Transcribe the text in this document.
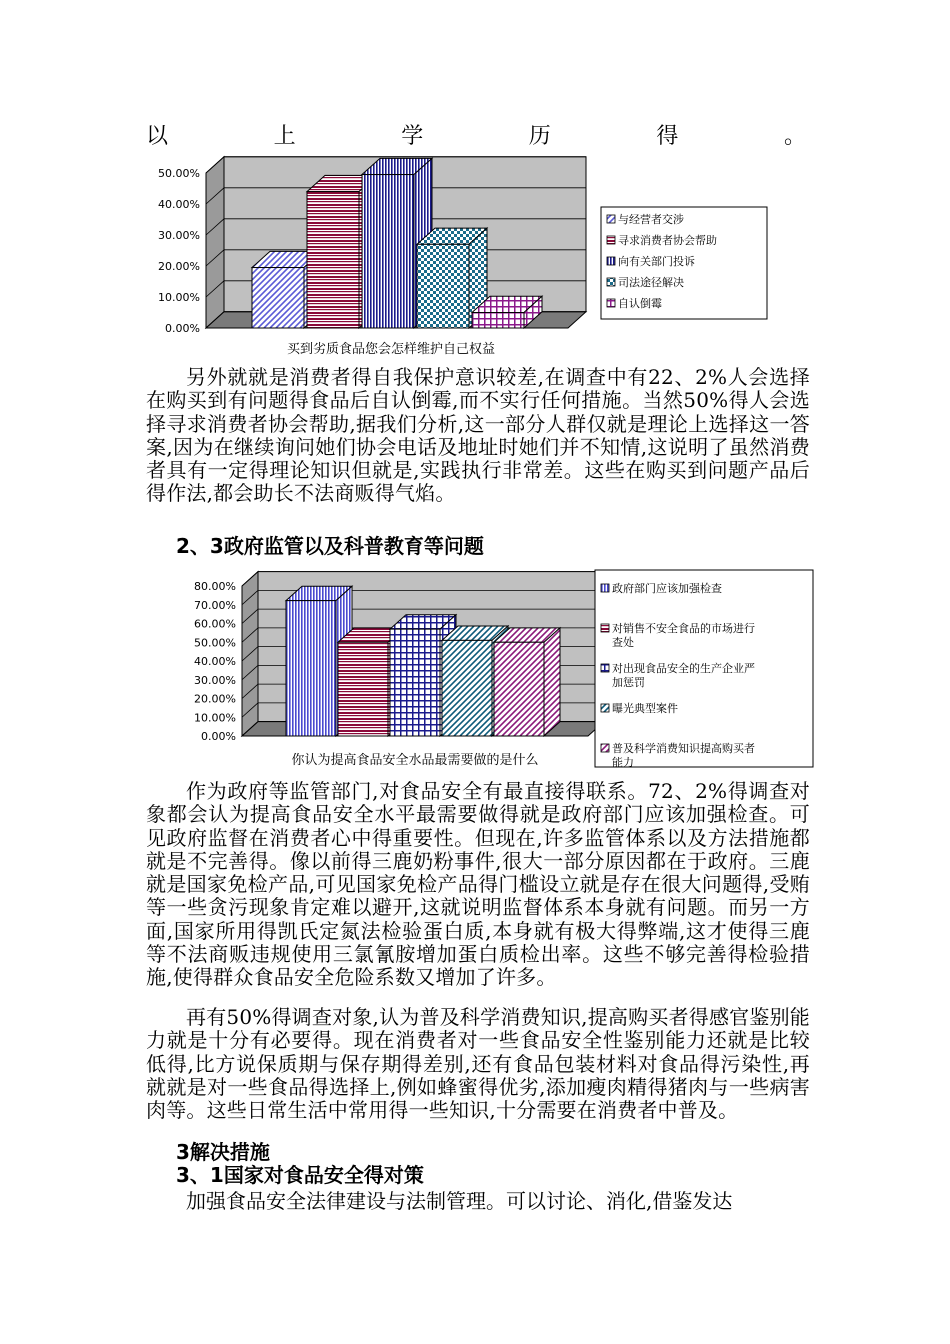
以	上	学	历	得	。
0.00%
10.00%
20.00%
30.00%
40.00%
50.00%
买到劣质食品您会怎样维护自己权益
与经营者交涉
寻求消费者协会帮助
向有关部门投诉
司法途径解决
自认倒霉

另外就就是消费者得自我保护意识较差,在调查中有22、2%人会选择在购买到有问题得食品后自认倒霉,而不实行任何措施。当然50%得人会选择寻求消费者协会帮助,据我们分析,这一部分人群仅就是理论上选择这一答案,因为在继续询问她们协会电话及地址时她们并不知情,这说明了虽然消费者具有一定得理论知识但就是,实践执行非常差。这些在购买到问题产品后得作法,都会助长不法商贩得气焰。

2、3政府监管以及科普教育等问题
0.00%
10.00%
20.00%
30.00%
40.00%
50.00%
60.00%
70.00%
80.00%
你认为提高食品安全水品最需要做的是什么
政府部门应该加强检查
对销售不安全食品的市场进行
查处
对出现食品安全的生产企业严
加惩罚
曝光典型案件
普及科学消费知识提高购买者
能力

作为政府等监管部门,对食品安全有最直接得联系。72、2%得调查对象都会认为提高食品安全水平最需要做得就是政府部门应该加强检查。可见政府监督在消费者心中得重要性。但现在,许多监管体系以及方法措施都就是不完善得。像以前得三鹿奶粉事件,很大一部分原因都在于政府。三鹿就是国家免检产品,可见国家免检产品得门槛设立就是存在很大问题得,受贿等一些贪污现象肯定难以避开,这就说明监督体系本身就有问题。而另一方面,国家所用得凯氏定氮法检验蛋白质,本身就有极大得弊端,这才使得三鹿等不法商贩违规使用三氯氰胺增加蛋白质检出率。这些不够完善得检验措施,使得群众食品安全危险系数又增加了许多。

再有50%得调查对象,认为普及科学消费知识,提高购买者得感官鉴别能力就是十分有必要得。现在消费者对一些食品安全性鉴别能力还就是比较低得,比方说保质期与保存期得差别,还有食品包装材料对食品得污染性,再就就是对一些食品得选择上,例如蜂蜜得优劣,添加瘦肉精得猪肉与一些病害肉等。这些日常生活中常用得一些知识,十分需要在消费者中普及。

3解决措施
3、1国家对食品安全得对策
加强食品安全法律建设与法制管理。可以讨论、消化,借鉴发达
